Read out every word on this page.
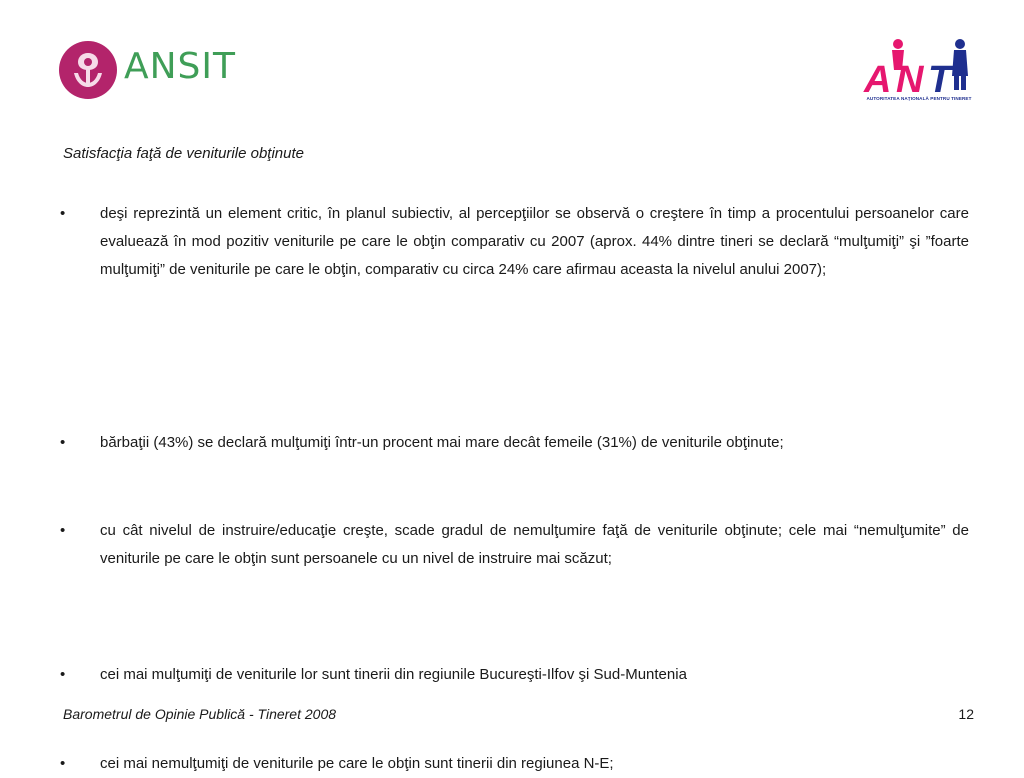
ANSIT	A N T
AUTORITATEA NAȚIONALĂ PENTRU TINERET
Satisfacţia faţă de veniturile obţinute
•	deşi reprezintă un element critic, în planul subiectiv, al percepţiilor se observă o creştere în timp a procentului persoanelor care evaluează în mod pozitiv veniturile pe care le obţin comparativ cu 2007 (aprox. 44% dintre tineri se declară “mulţumiţi” şi ”foarte mulţumiţi” de veniturile pe care le obţin, comparativ cu circa 24% care afirmau aceasta la nivelul anului 2007);
•	bărbaţii (43%) se declară mulţumiţi într-un procent mai mare decât femeile (31%) de veniturile obţinute;
•	cu cât nivelul de instruire/educaţie creşte, scade gradul de nemulţumire faţă de veniturile obţinute; cele mai “nemulţumite” de veniturile pe care le obţin sunt persoanele cu un nivel de instruire mai scăzut;
•	cei mai mulţumiţi de veniturile lor sunt tinerii din regiunile Bucureşti-Ilfov şi Sud-Muntenia
•	cei mai nemulţumiţi de veniturile pe care le obţin sunt tinerii din regiunea N-E;
Barometrul de Opinie Publică - Tineret 2008	12
